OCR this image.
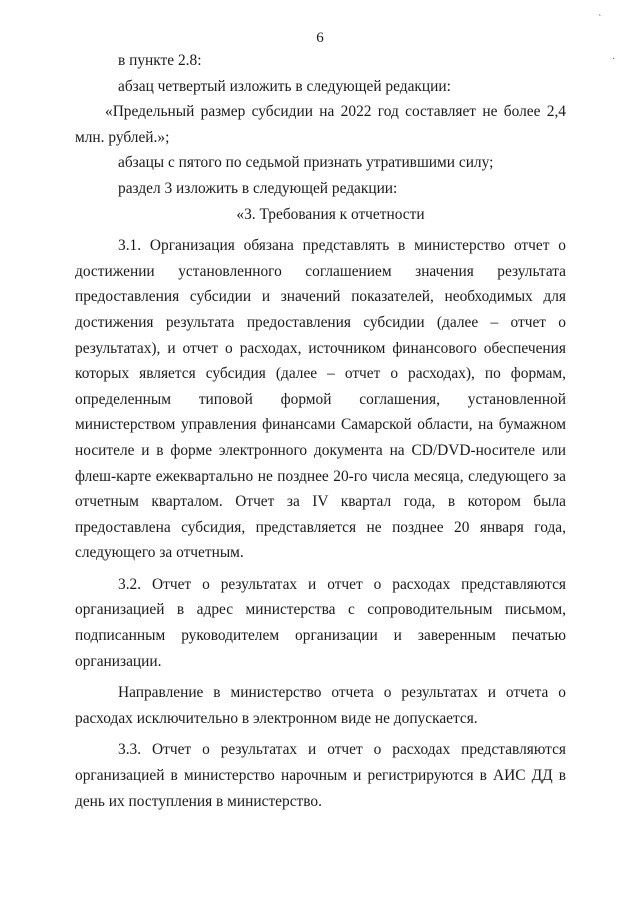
6
ˋ
·

в пункте 2.8:

абзац четвертый изложить в следующей редакции:

«Предельный размер субсидии на 2022 год составляет не более 2,4 млн. рублей.»;

абзацы с пятого по седьмой признать утратившими силу;

раздел 3 изложить в следующей редакции:

«3. Требования к отчетности

3.1. Организация обязана представлять в министерство отчет о достижении установленного соглашением значения результата предоставления субсидии и значений показателей, необходимых для достижения результата предоставления субсидии (далее – отчет о результатах), и отчет о расходах, источником финансового обеспечения которых является субсидия (далее – отчет о расходах), по формам, определенным типовой формой соглашения, установленной министерством управления финансами Самарской области, на бумажном носителе и в форме электронного документа на CD/DVD-носителе или флеш-карте ежеквартально не позднее 20-го числа месяца, следующего за отчетным кварталом. Отчет за IV квартал года, в котором была предоставлена субсидия, представляется не позднее 20 января года, следующего за отчетным.

3.2. Отчет о результатах и отчет о расходах представляются организацией в адрес министерства с сопроводительным письмом, подписанным руководителем организации и заверенным печатью организации.

Направление в министерство отчета о результатах и отчета о расходах исключительно в электронном виде не допускается.

3.3. Отчет о результатах и отчет о расходах представляются организацией в министерство нарочным и регистрируются в АИС ДД в день их поступления в министерство.
